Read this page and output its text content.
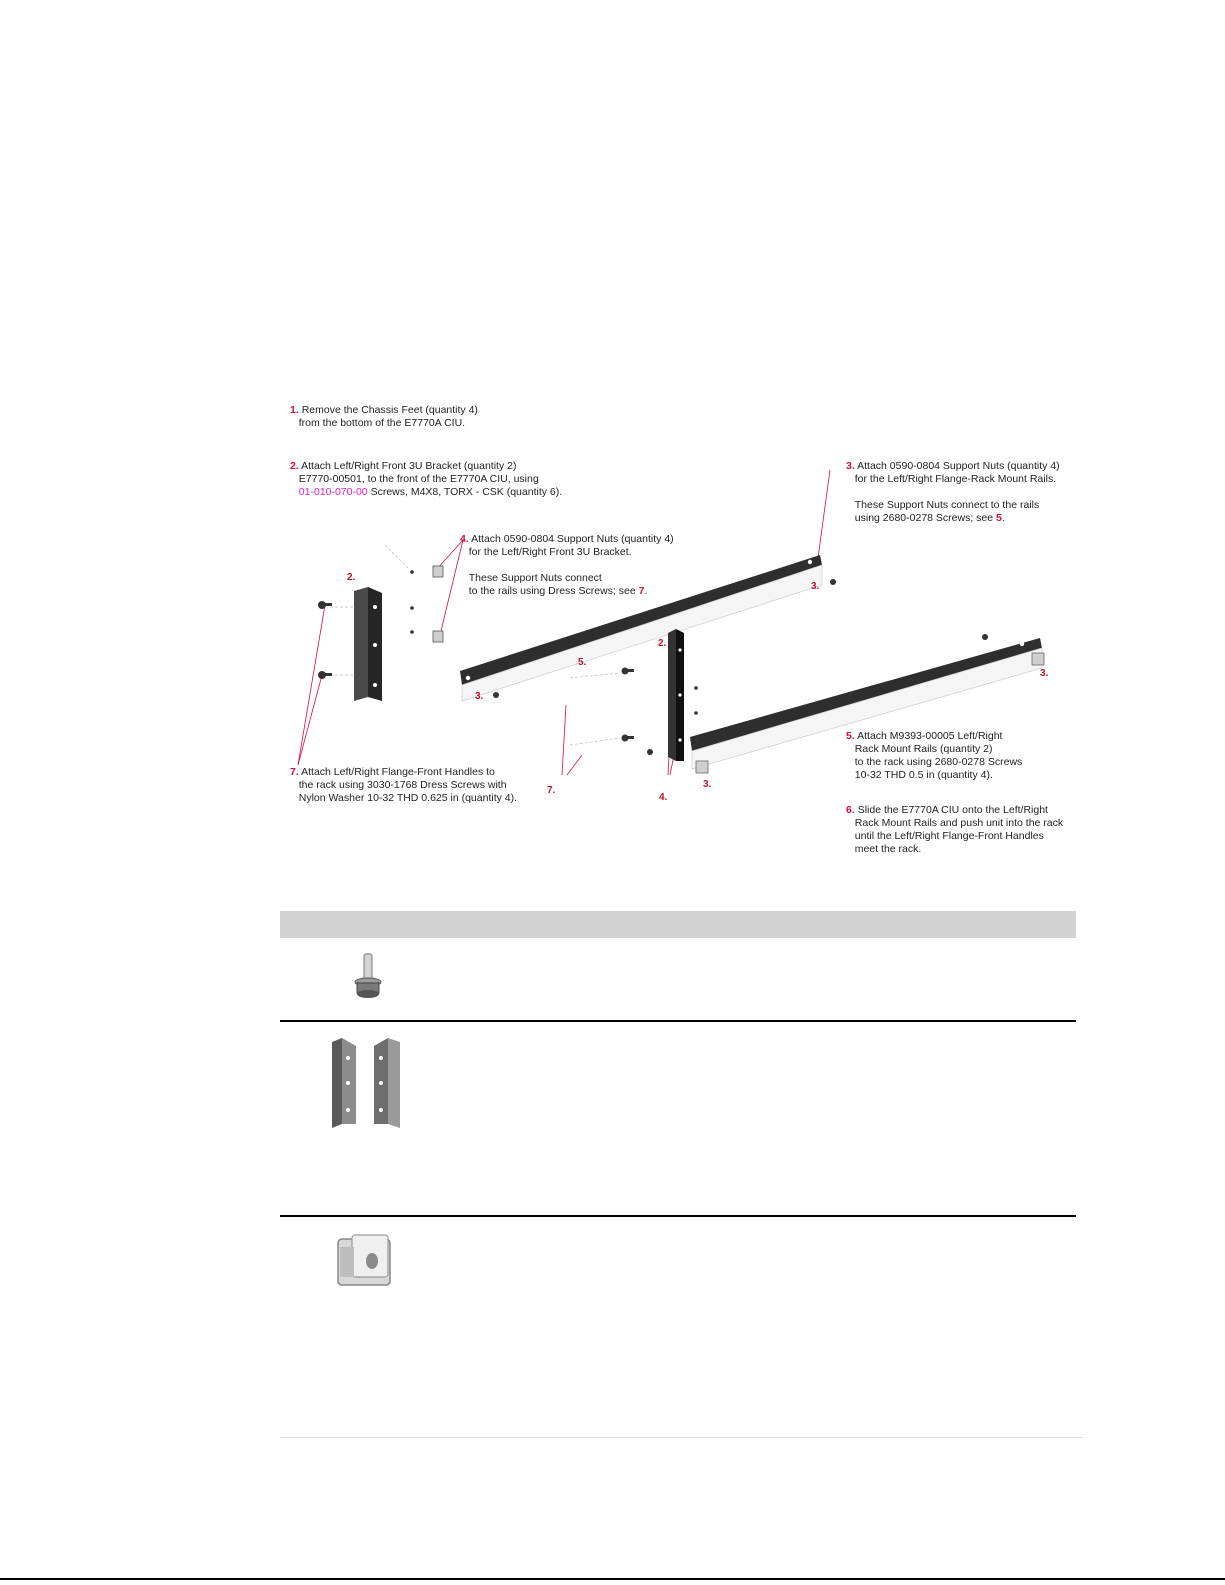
1. Remove the Chassis Feet (quantity 4)

from the bottom of the E7770A CIU.

2. Attach Left/Right Front 3U Bracket (quantity 2)

E7770-00501, to the front of the E7770A CIU, using

01-010-070-00 Screws, M4X8, TORX - CSK (quantity 6).

3. Attach 0590-0804 Support Nuts (quantity 4)

for the Left/Right Flange-Rack Mount Rails.

These Support Nuts connect to the rails

using 2680-0278 Screws; see 5.

4. Attach 0590-0804 Support Nuts (quantity 4)

for the Left/Right Front 3U Bracket.

These Support Nuts connect

to the rails using Dress Screws; see 7.

5. Attach M9393-00005 Left/Right

Rack Mount Rails (quantity 2)

to the rack using 2680-0278 Screws

10-32 THD 0.5 in (quantity 4).

6. Slide the E7770A CIU onto the Left/Right

Rack Mount Rails and push unit into the rack

until the Left/Right Flange-Front Handles

meet the rack.

7. Attach Left/Right Flange-Front Handles to

the rack using 3030-1768 Dress Screws with

Nylon Washer 10-32 THD 0.625 in (quantity 4).

2.
2.
3.
3.
3.
3.
4.
5.
7.
